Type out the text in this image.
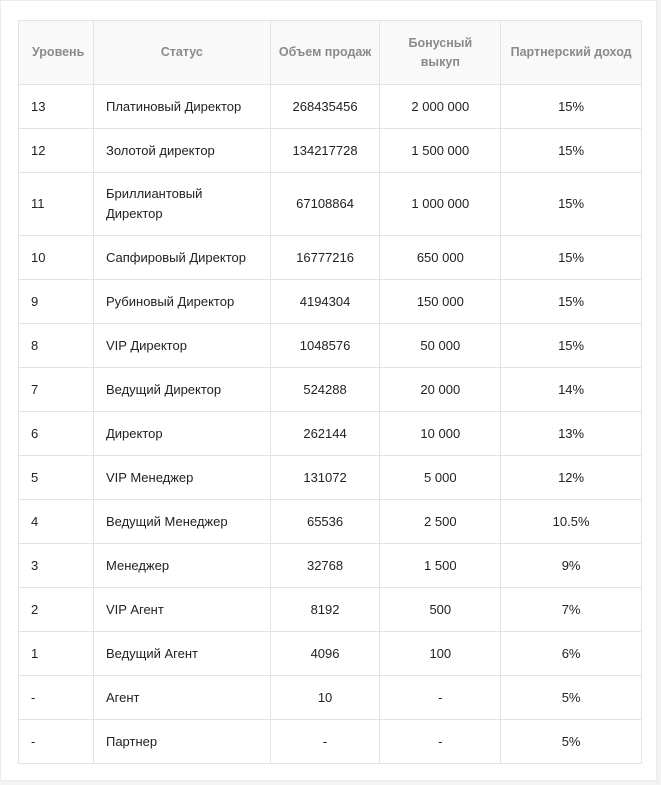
Уровень	Статус	Объем продаж	Бонусный выкуп	Партнерский доход
13	Платиновый Директор	268435456	2 000 000	15%
12	Золотой директор	134217728	1 500 000	15%
11	Бриллиантовый Директор	67108864	1 000 000	15%
10	Сапфировый Директор	16777216	650 000	15%
9	Рубиновый Директор	4194304	150 000	15%
8	VIP Директор	1048576	50 000	15%
7	Ведущий Директор	524288	20 000	14%
6	Директор	262144	10 000	13%
5	VIP Менеджер	131072	5 000	12%
4	Ведущий Менеджер	65536	2 500	10.5%
3	Менеджер	32768	1 500	9%
2	VIP Агент	8192	500	7%
1	Ведущий Агент	4096	100	6%
-	Агент	10	-	5%
-	Партнер	-	-	5%
